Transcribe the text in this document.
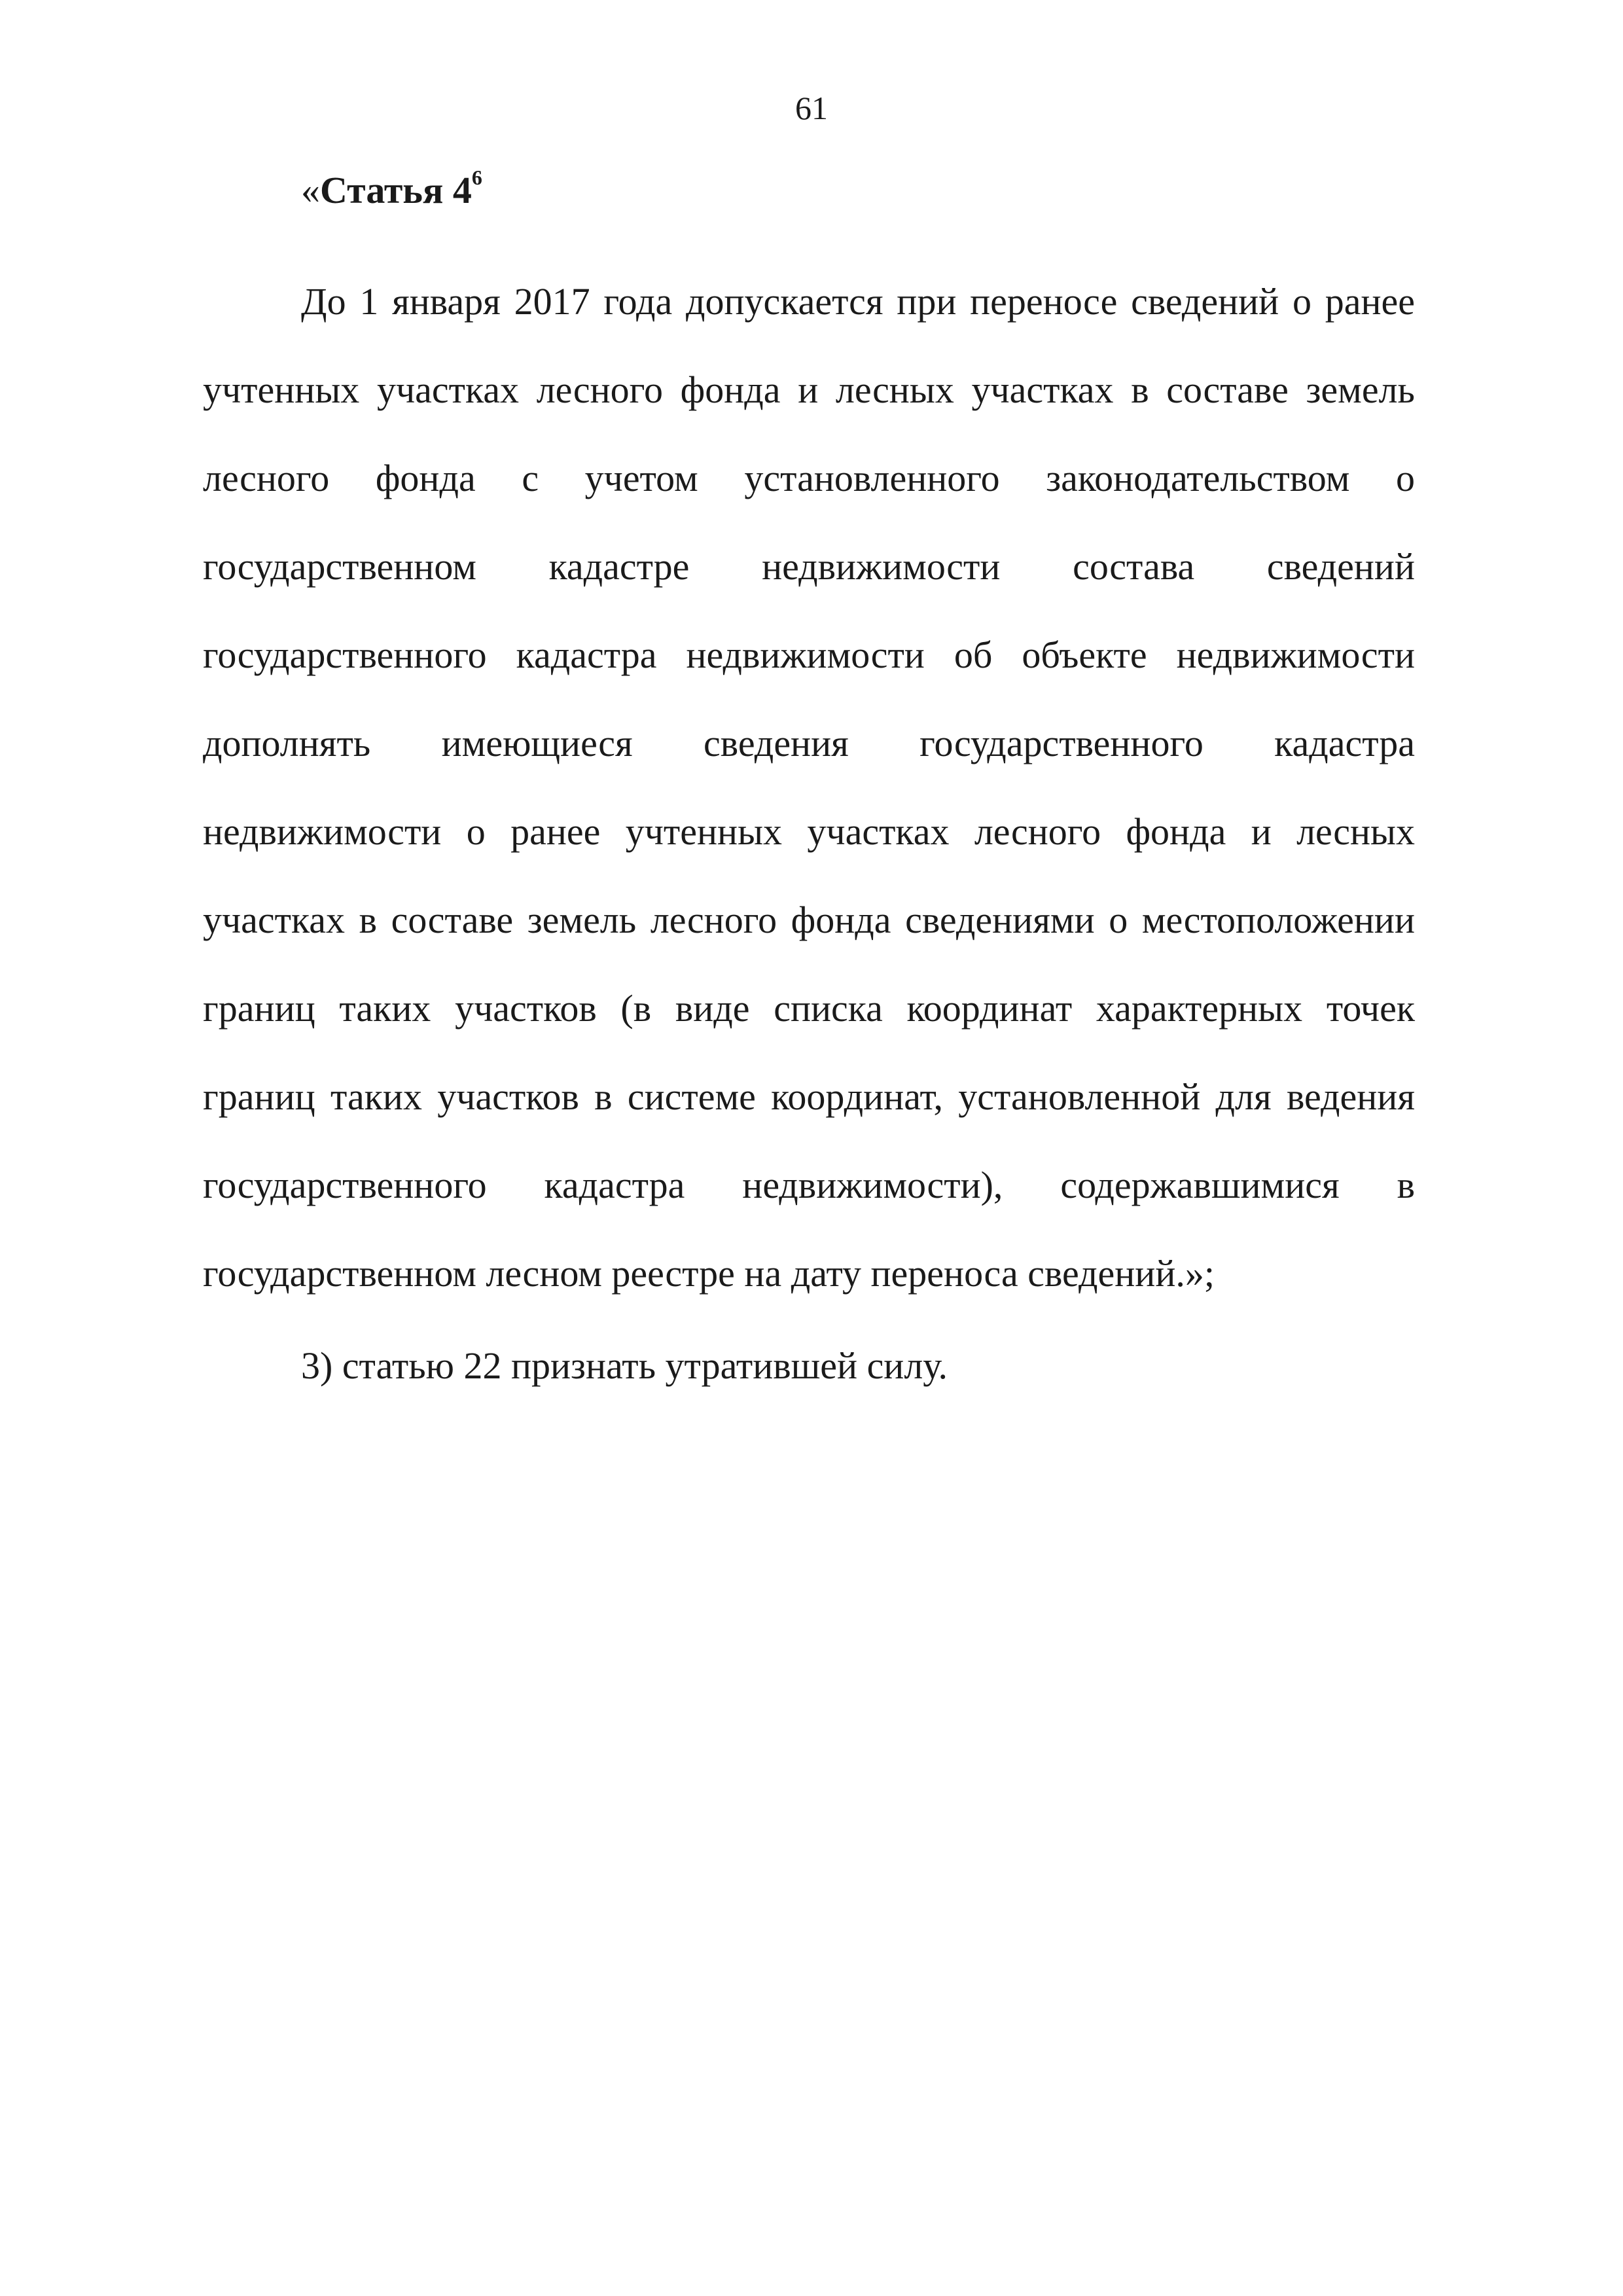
61
«Статья $4^6$

До 1 января 2017 года допускается при переносе сведений о ранее учтенных участках лесного фонда и лесных участках в составе земель лесного фонда с учетом установленного законодательством о государственном кадастре недвижимости состава сведений государственного кадастра недвижимости об объекте недвижимости дополнять имеющиеся сведения государственного кадастра недвижимости о ранее учтенных участках лесного фонда и лесных участках в составе земель лесного фонда сведениями о местоположении границ таких участков (в виде списка координат характерных точек границ таких участков в системе координат, установленной для ведения государственного кадастра недвижимости), содержавшимися в государственном лесном реестре на дату переноса сведений.»;

3) статью 22 признать утратившей силу.
